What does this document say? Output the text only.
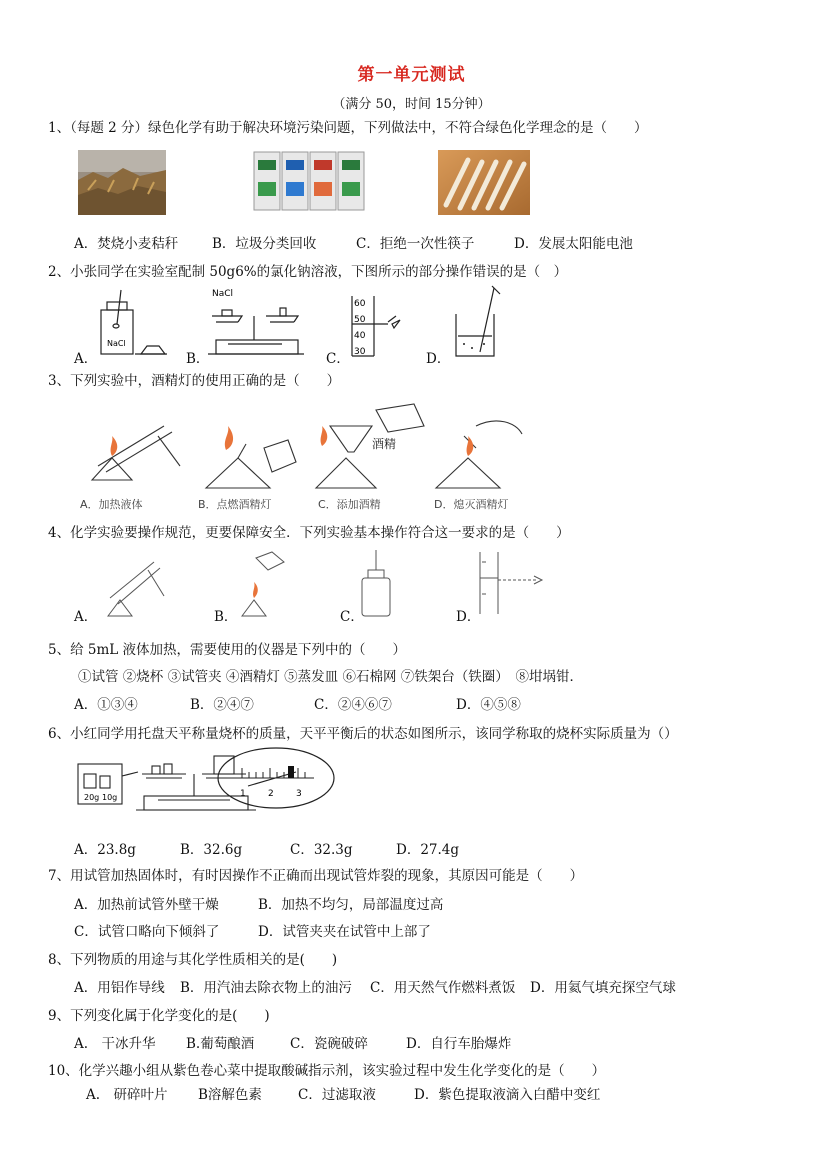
第一单元测试
（满分 50，时间 15分钟）
1、（每题 2 分）绿色化学有助于解决环境污染问题，下列做法中，不符合绿色化学理念的是（　　）
A．焚烧小麦秸秆	B．垃圾分类回收	C．拒绝一次性筷子	D．发展太阳能电池
2、小张同学在实验室配制 50g6%的氯化钠溶液，下图所示的部分操作错误的是（　）
A．	B．	C．	D．
NaCl
NaCl
60
50
40
30
3、下列实验中，酒精灯的使用正确的是（　　）
酒精
A．加热液体	B．点燃酒精灯	C．添加酒精	D．熄灭酒精灯
4、化学实验要操作规范，更要保障安全．下列实验基本操作符合这一要求的是（　　）
A．	B．	C．	D．
5、给 5mL 液体加热，需要使用的仪器是下列中的（　　）
①试管 ②烧杯 ③试管夹 ④酒精灯 ⑤蒸发皿 ⑥石棉网 ⑦铁架台（铁圈）　⑧坩埚钳．
A．①③④	B．②④⑦	C．②④⑥⑦	D．④⑤⑧
6、小红同学用托盘天平称量烧杯的质量，天平平衡后的状态如图所示，该同学称取的烧杯实际质量为（）
20g 10g	1 2 3
A．23.8g	B．32.6g	C．32.3g	D．27.4g
7、用试管加热固体时，有时因操作不正确而出现试管炸裂的现象，其原因可能是（　　）
A．加热前试管外壁干燥	B．加热不均匀，局部温度过高
C．试管口略向下倾斜了	D．试管夹夹在试管中上部了
8、下列物质的用途与其化学性质相关的是(　　)
A．用铝作导线 B．用汽油去除衣物上的油污 C．用天然气作燃料煮饭 D．用氦气填充探空气球
9、下列变化属于化学变化的是(　　)
A.　干冰升华 B.葡萄酿酒	C．瓷碗破碎	D．自行车胎爆炸
10、化学兴趣小组从紫色卷心菜中提取酸碱指示剂，该实验过程中发生化学变化的是（　　）
A.　研碎叶片 B溶解色素	C．过滤取液	D．紫色提取液滴入白醋中变红
